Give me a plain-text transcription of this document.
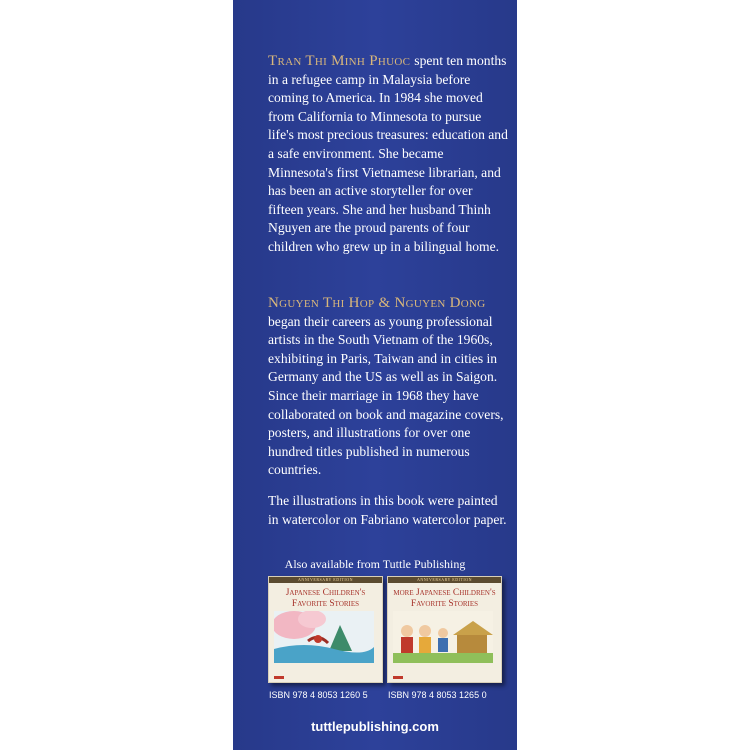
Tran Thi Minh Phuoc spent ten months in a refugee camp in Malaysia before coming to America. In 1984 she moved from California to Minnesota to pursue life's most precious treasures: education and a safe environment. She became Minnesota's first Vietnamese librarian, and has been an active storyteller for over fifteen years. She and her husband Thinh Nguyen are the proud parents of four children who grew up in a bilingual home.
Nguyen Thi Hop & Nguyen Dong began their careers as young professional artists in the South Vietnam of the 1960s, exhibiting in Paris, Taiwan and in cities in Germany and the US as well as in Saigon. Since their marriage in 1968 they have collaborated on book and magazine covers, posters, and illustrations for over one hundred titles published in numerous countries.
The illustrations in this book were painted in watercolor on Fabriano watercolor paper.
Also available from Tuttle Publishing
ANNIVERSARY EDITION
Japanese Children's Favorite Stories
ANNIVERSARY EDITION
more Japanese Children's Favorite Stories
ISBN 978 4 8053 1260 5 ISBN 978 4 8053 1265 0
tuttlepublishing.com
